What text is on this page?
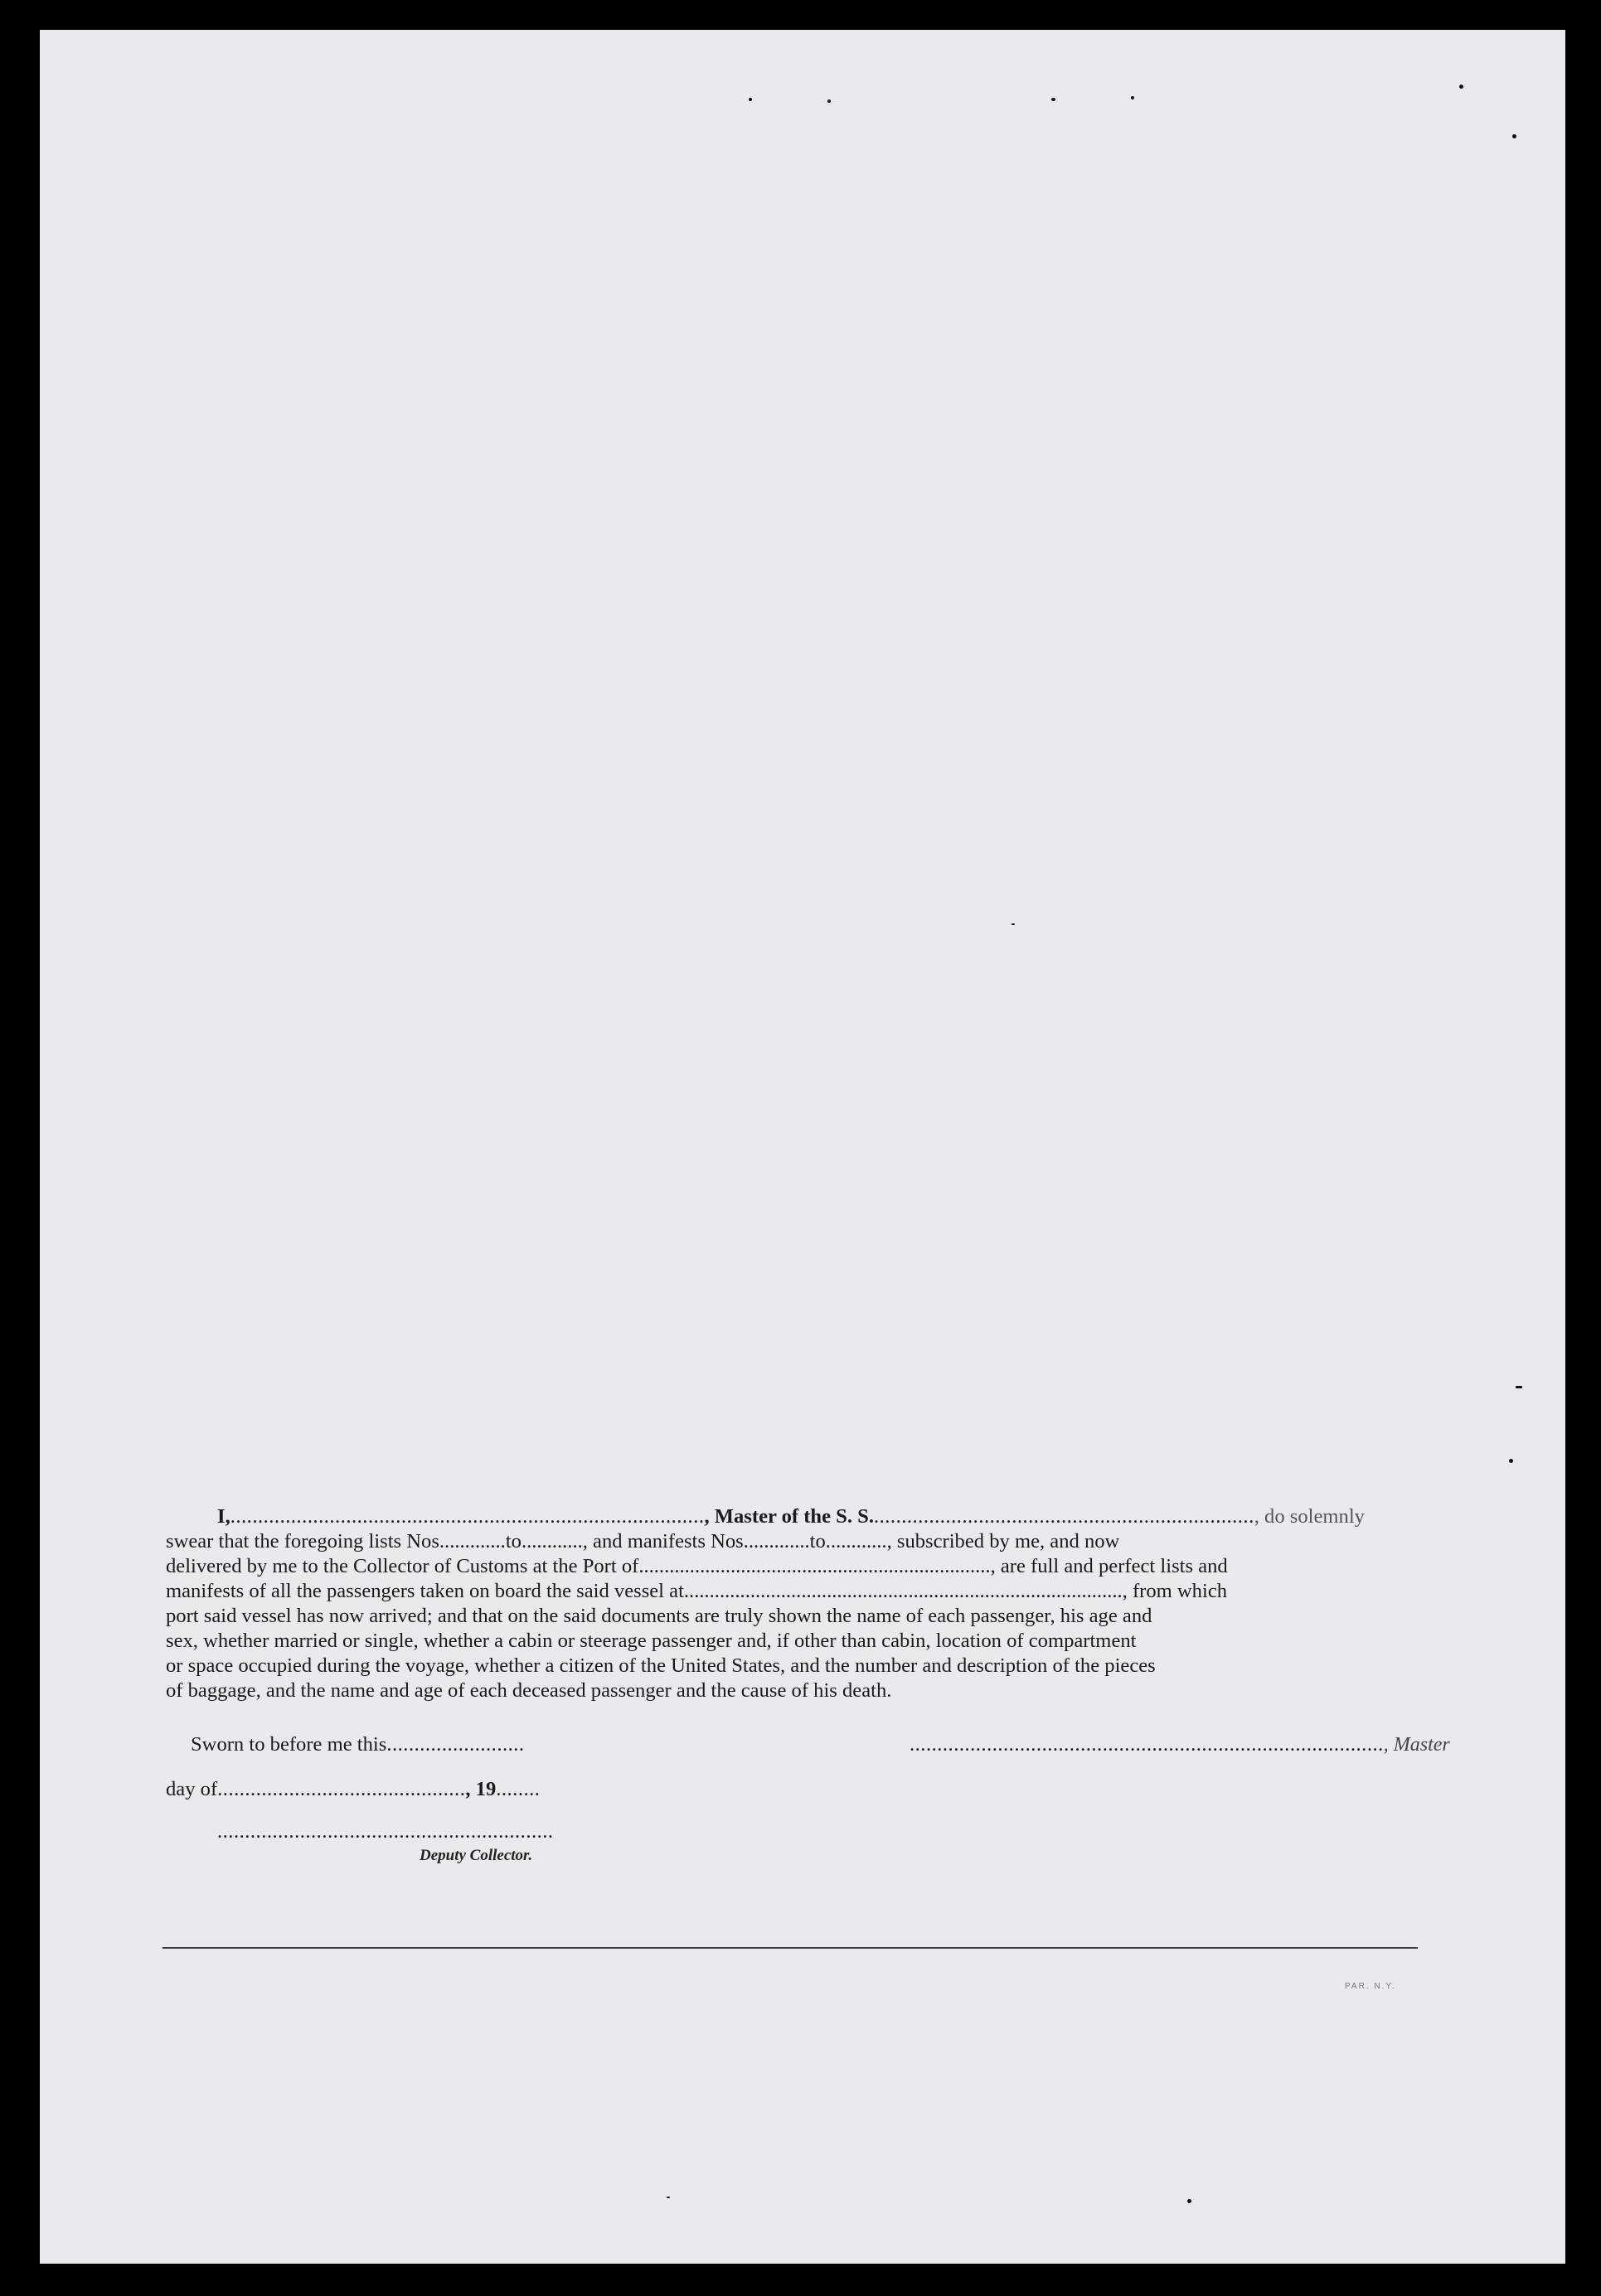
I,......................................................................................, Master of the S. S......................................................................, do solemnly
swear that the foregoing lists Nos.............to............, and manifests Nos.............to............, subscribed by me, and now
delivered by me to the Collector of Customs at the Port of....................................................................., are full and perfect lists and
manifests of all the passengers taken on board the said vessel at......................................................................................, from which
port said vessel has now arrived; and that on the said documents are truly shown the name of each passenger, his age and
sex, whether married or single, whether a cabin or steerage passenger and, if other than cabin, location of compartment
or space occupied during the voyage, whether a citizen of the United States, and the number and description of the pieces
of baggage, and the name and age of each deceased passenger and the cause of his death.
Sworn to before me this.........................	......................................................................................, Master
day of............................................., 19........
.............................................................
Deputy Collector.
PAR. N.Y.
